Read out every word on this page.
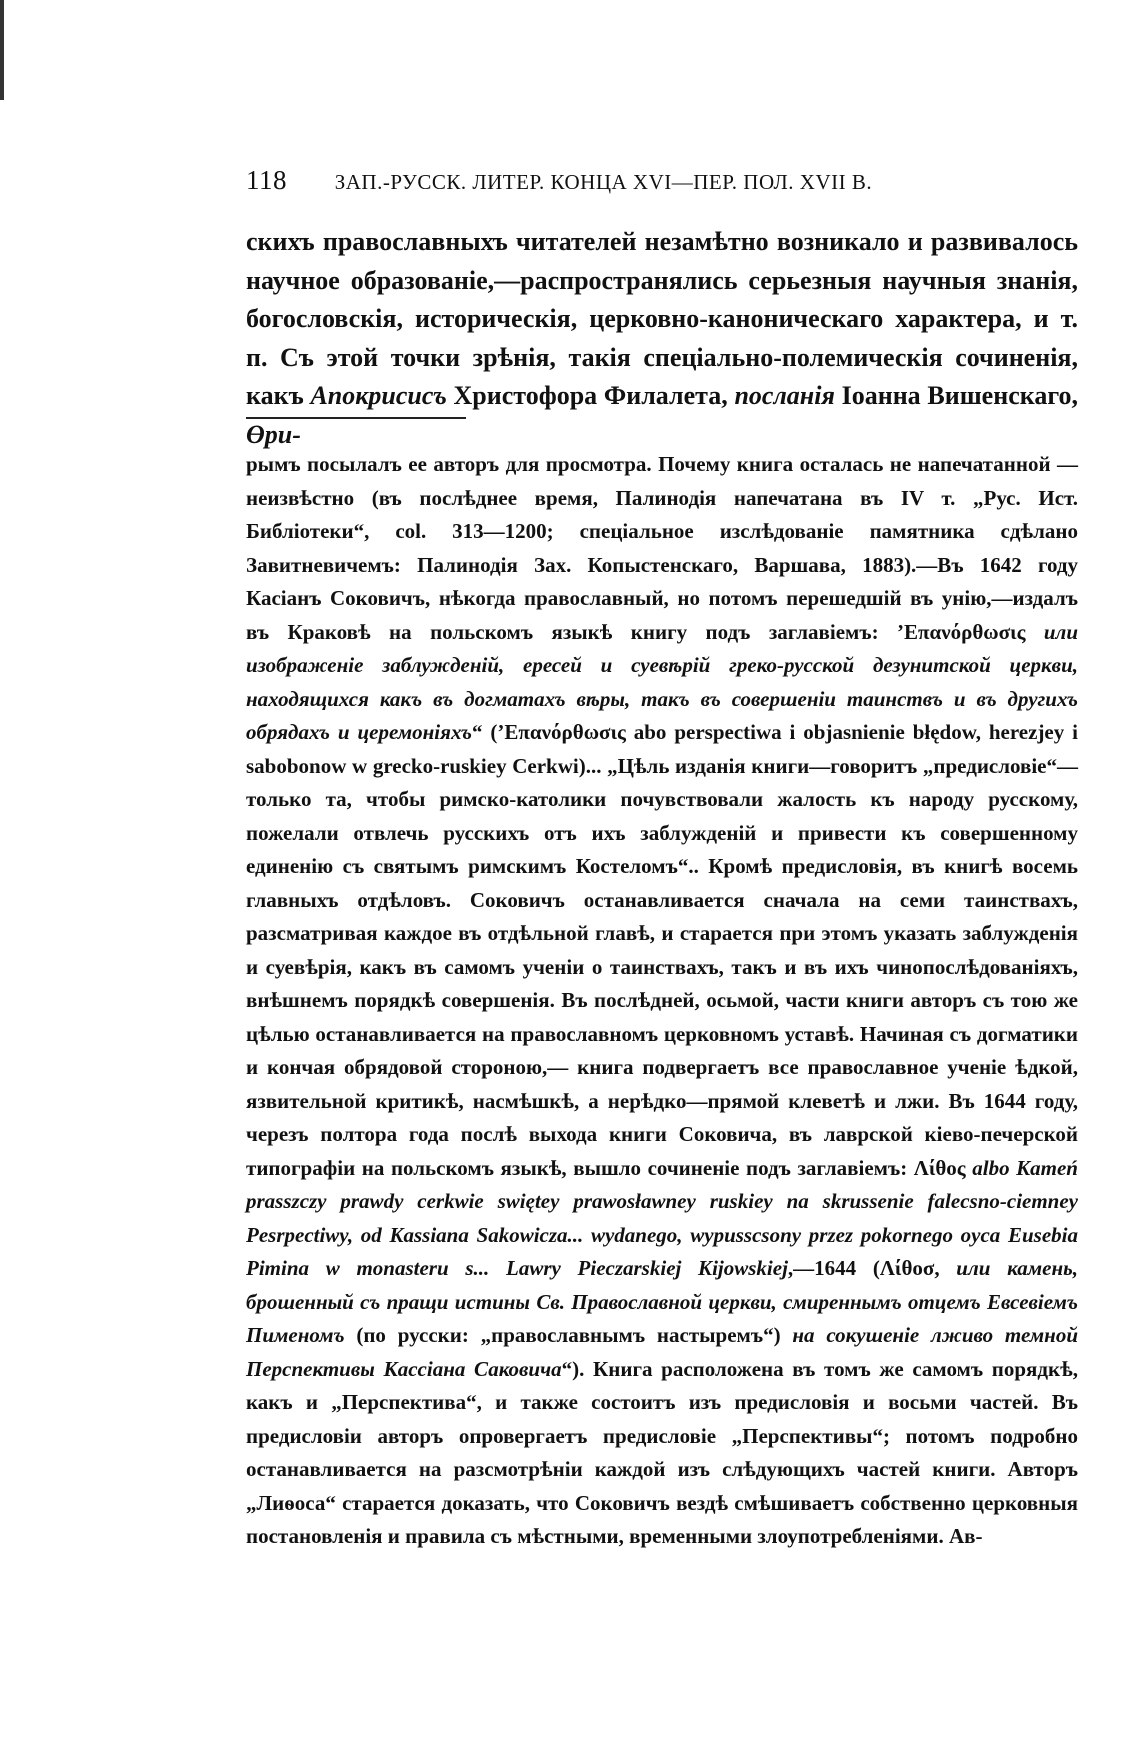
118 ЗАП.-РУССК. ЛИТЕР. КОНЦА XVI—ПЕР. ПОЛ. XVII В.

скихъ православныхъ читателей незамѣтно возникало и развивалось научное образованіе,—распространялись серьезныя научныя знанія, богословскія, историческія, церковно-каноническаго характера, и т. п. Съ этой точки зрѣнія, такія спеціально-полемическія сочиненія, какъ Апокрисисъ Христофора Филалета, посланія Іоанна Вишенскаго, Өри-

рымъ посылалъ ее авторъ для просмотра. Почему книга осталась не напечатанной — неизвѣстно (въ послѣднее время, Палинодія напечатана въ IV т. „Рус. Ист. Библіотеки“, col. 313—1200; спеціальное изслѣдованіе памятника сдѣлано Завитневичемъ: Палинодія Зах. Копыстенскаго, Варшава, 1883).—Въ 1642 году Касіанъ Соковичъ, нѣкогда православный, но потомъ перешедшій въ унію,—издалъ въ Краковѣ на польскомъ языкѣ книгу подъ заглавіемъ: ’Επανόρθωσις или изображеніе заблужденій, ересей и суевѣрій греко-русской дезунитской церкви, находящихся какъ въ догматахъ вѣры, такъ въ совершеніи таинствъ и въ другихъ обрядахъ и церемоніяхъ“ (’Επανόρθωσις abo perspectiwa i objasnienie błędow, herezjey i sabobonow w grecko-ruskiey Cerkwi)... „Цѣль изданія книги—говоритъ „предисловіе“—только та, чтобы римско-католики почувствовали жалость къ народу русскому, пожелали отвлечь русскихъ отъ ихъ заблужденій и привести къ совершенному единенію съ святымъ римскимъ Костеломъ“.. Кромѣ предисловія, въ книгѣ восемь главныхъ отдѣловъ. Соковичъ останавливается сначала на семи таинствахъ, разсматривая каждое въ отдѣльной главѣ, и старается при этомъ указать заблужденія и суевѣрія, какъ въ самомъ ученіи о таинствахъ, такъ и въ ихъ чинопослѣдованіяхъ, внѣшнемъ порядкѣ совершенія. Въ послѣдней, осьмой, части книги авторъ съ тою же цѣлью останавливается на православномъ церковномъ уставѣ. Начиная съ догматики и кончая обрядовой стороною,— книга подвергаетъ все православное ученіе ѣдкой, язвительной критикѣ, насмѣшкѣ, а нерѣдко—прямой клеветѣ и лжи. Въ 1644 году, черезъ полтора года послѣ выхода книги Соковича, въ лаврской кіево-печерской типографіи на польскомъ языкѣ, вышло сочиненіе подъ заглавіемъ: Λίθος albo Kameń prasszczy prawdy cerkwie swiętey prawosławney ruskiey na skrussenie falecsno-ciemney Pesrpectiwy, od Kassiana Sakowicza... wydanego, wypusscsony przez pokornego oyca Eusebia Pimina w monasteru s... Lawry Pieczarskiej Kijowskiej,—1644 (Λίθοσ, или камень, брошенный съ пращи истины Св. Православной церкви, смиреннымъ отцемъ Евсевіемъ Пименомъ (по русски: „православнымъ настыремъ“) на сокушеніе лживо темной Перспективы Кассіана Саковича“). Книга расположена въ томъ же самомъ порядкѣ, какъ и „Перспектива“, и также состоитъ изъ предисловія и восьми частей. Въ предисловіи авторъ опровергаетъ предисловіе „Перспективы“; потомъ подробно останавливается на разсмотрѣніи каждой изъ слѣдующихъ частей книги. Авторъ „Лиѳоса“ старается доказать, что Соковичъ вездѣ смѣшиваетъ собственно церковныя постановленія и правила съ мѣстными, временными злоупотребленіями. Ав-
